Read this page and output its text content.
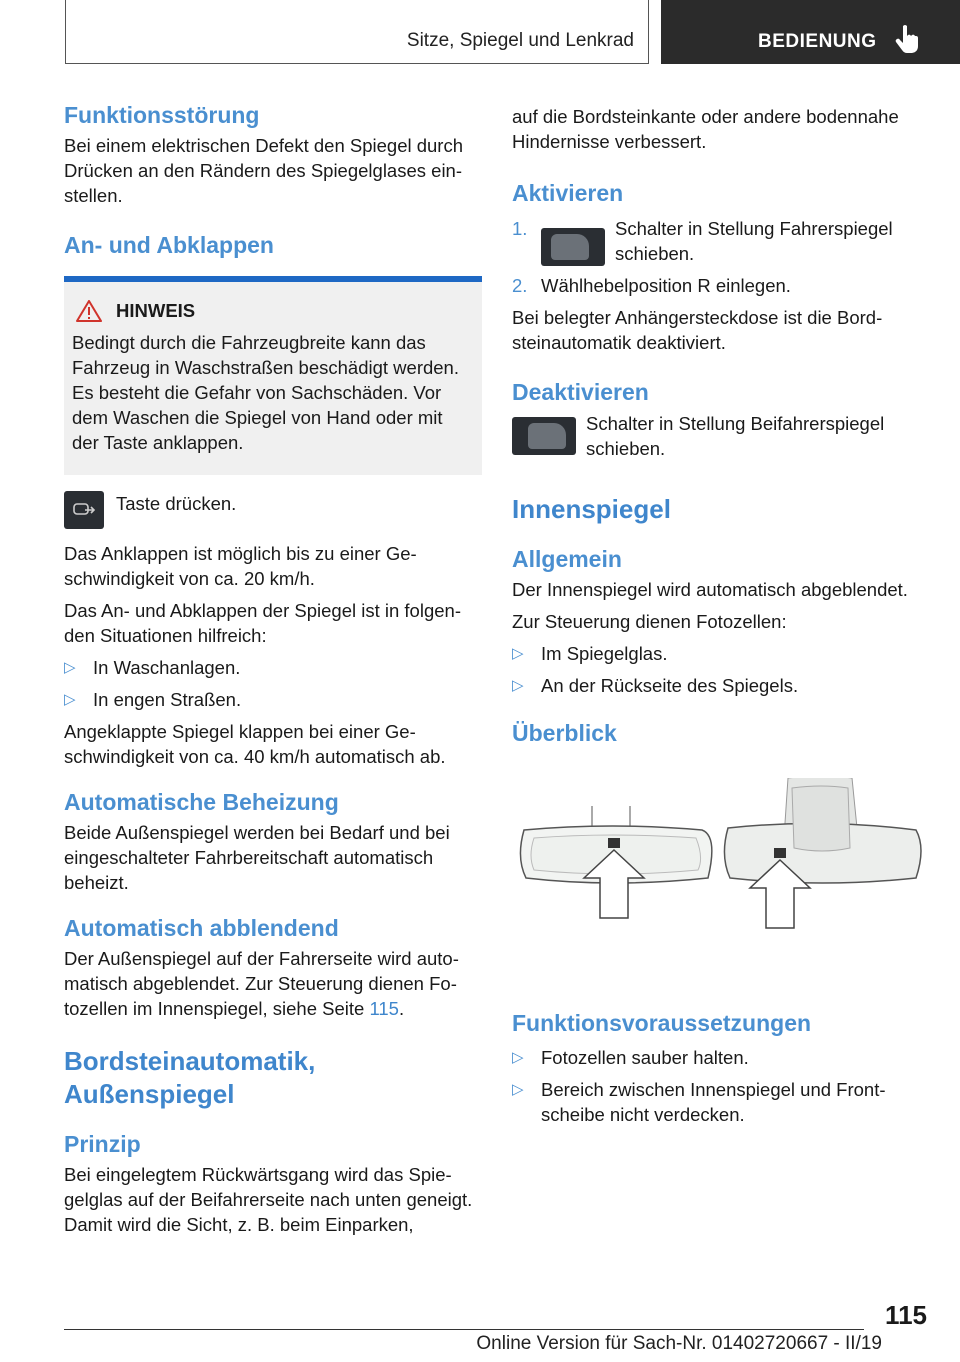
Sitze, Spiegel und Lenkrad	BEDIENUNG
Funktionsstörung

Bei einem elektrischen Defekt den Spiegel durch Drücken an den Rändern des Spiegelglases einstellen.

An- und Abklappen
HINWEIS

Bedingt durch die Fahrzeugbreite kann das Fahrzeug in Waschstraßen beschädigt werden. Es besteht die Gefahr von Sachschäden. Vor dem Waschen die Spiegel von Hand oder mit der Taste anklappen.

Taste drücken.

Das Anklappen ist möglich bis zu einer Geschwindigkeit von ca. 20 km/h.

Das An- und Abklappen der Spiegel ist in folgenden Situationen hilfreich:

▷ In Waschanlagen.
▷ In engen Straßen.

Angeklappte Spiegel klappen bei einer Geschwindigkeit von ca. 40 km/h automatisch ab.

Automatische Beheizung

Beide Außenspiegel werden bei Bedarf und bei eingeschalteter Fahrbereitschaft automatisch beheizt.

Automatisch abblendend

Der Außenspiegel auf der Fahrerseite wird automatisch abgeblendet. Zur Steuerung dienen Fotozellen im Innenspiegel, siehe Seite 115.

Bordsteinautomatik,
Außenspiegel
Prinzip

Bei eingelegtem Rückwärtsgang wird das Spiegelglas auf der Beifahrerseite nach unten geneigt. Damit wird die Sicht, z. B. beim Einparken,

auf die Bordsteinkante oder andere bodennahe Hindernisse verbessert.

Aktivieren
1.	Schalter in Stellung Fahrerspiegel schieben.
2. Wählhebelposition R einlegen.

Bei belegter Anhängersteckdose ist die Bordsteinautomatik deaktiviert.

Deaktivieren

Schalter in Stellung Beifahrerspiegel schieben.

Innenspiegel
Allgemein

Der Innenspiegel wird automatisch abgeblendet.

Zur Steuerung dienen Fotozellen:

▷ Im Spiegelglas.
▷ An der Rückseite des Spiegels.
Überblick
Funktionsvoraussetzungen
▷ Fotozellen sauber halten.
▷ Bereich zwischen Innenspiegel und Frontscheibe nicht verdecken.
115
Online Version für Sach-Nr. 01402720667 - II/19
